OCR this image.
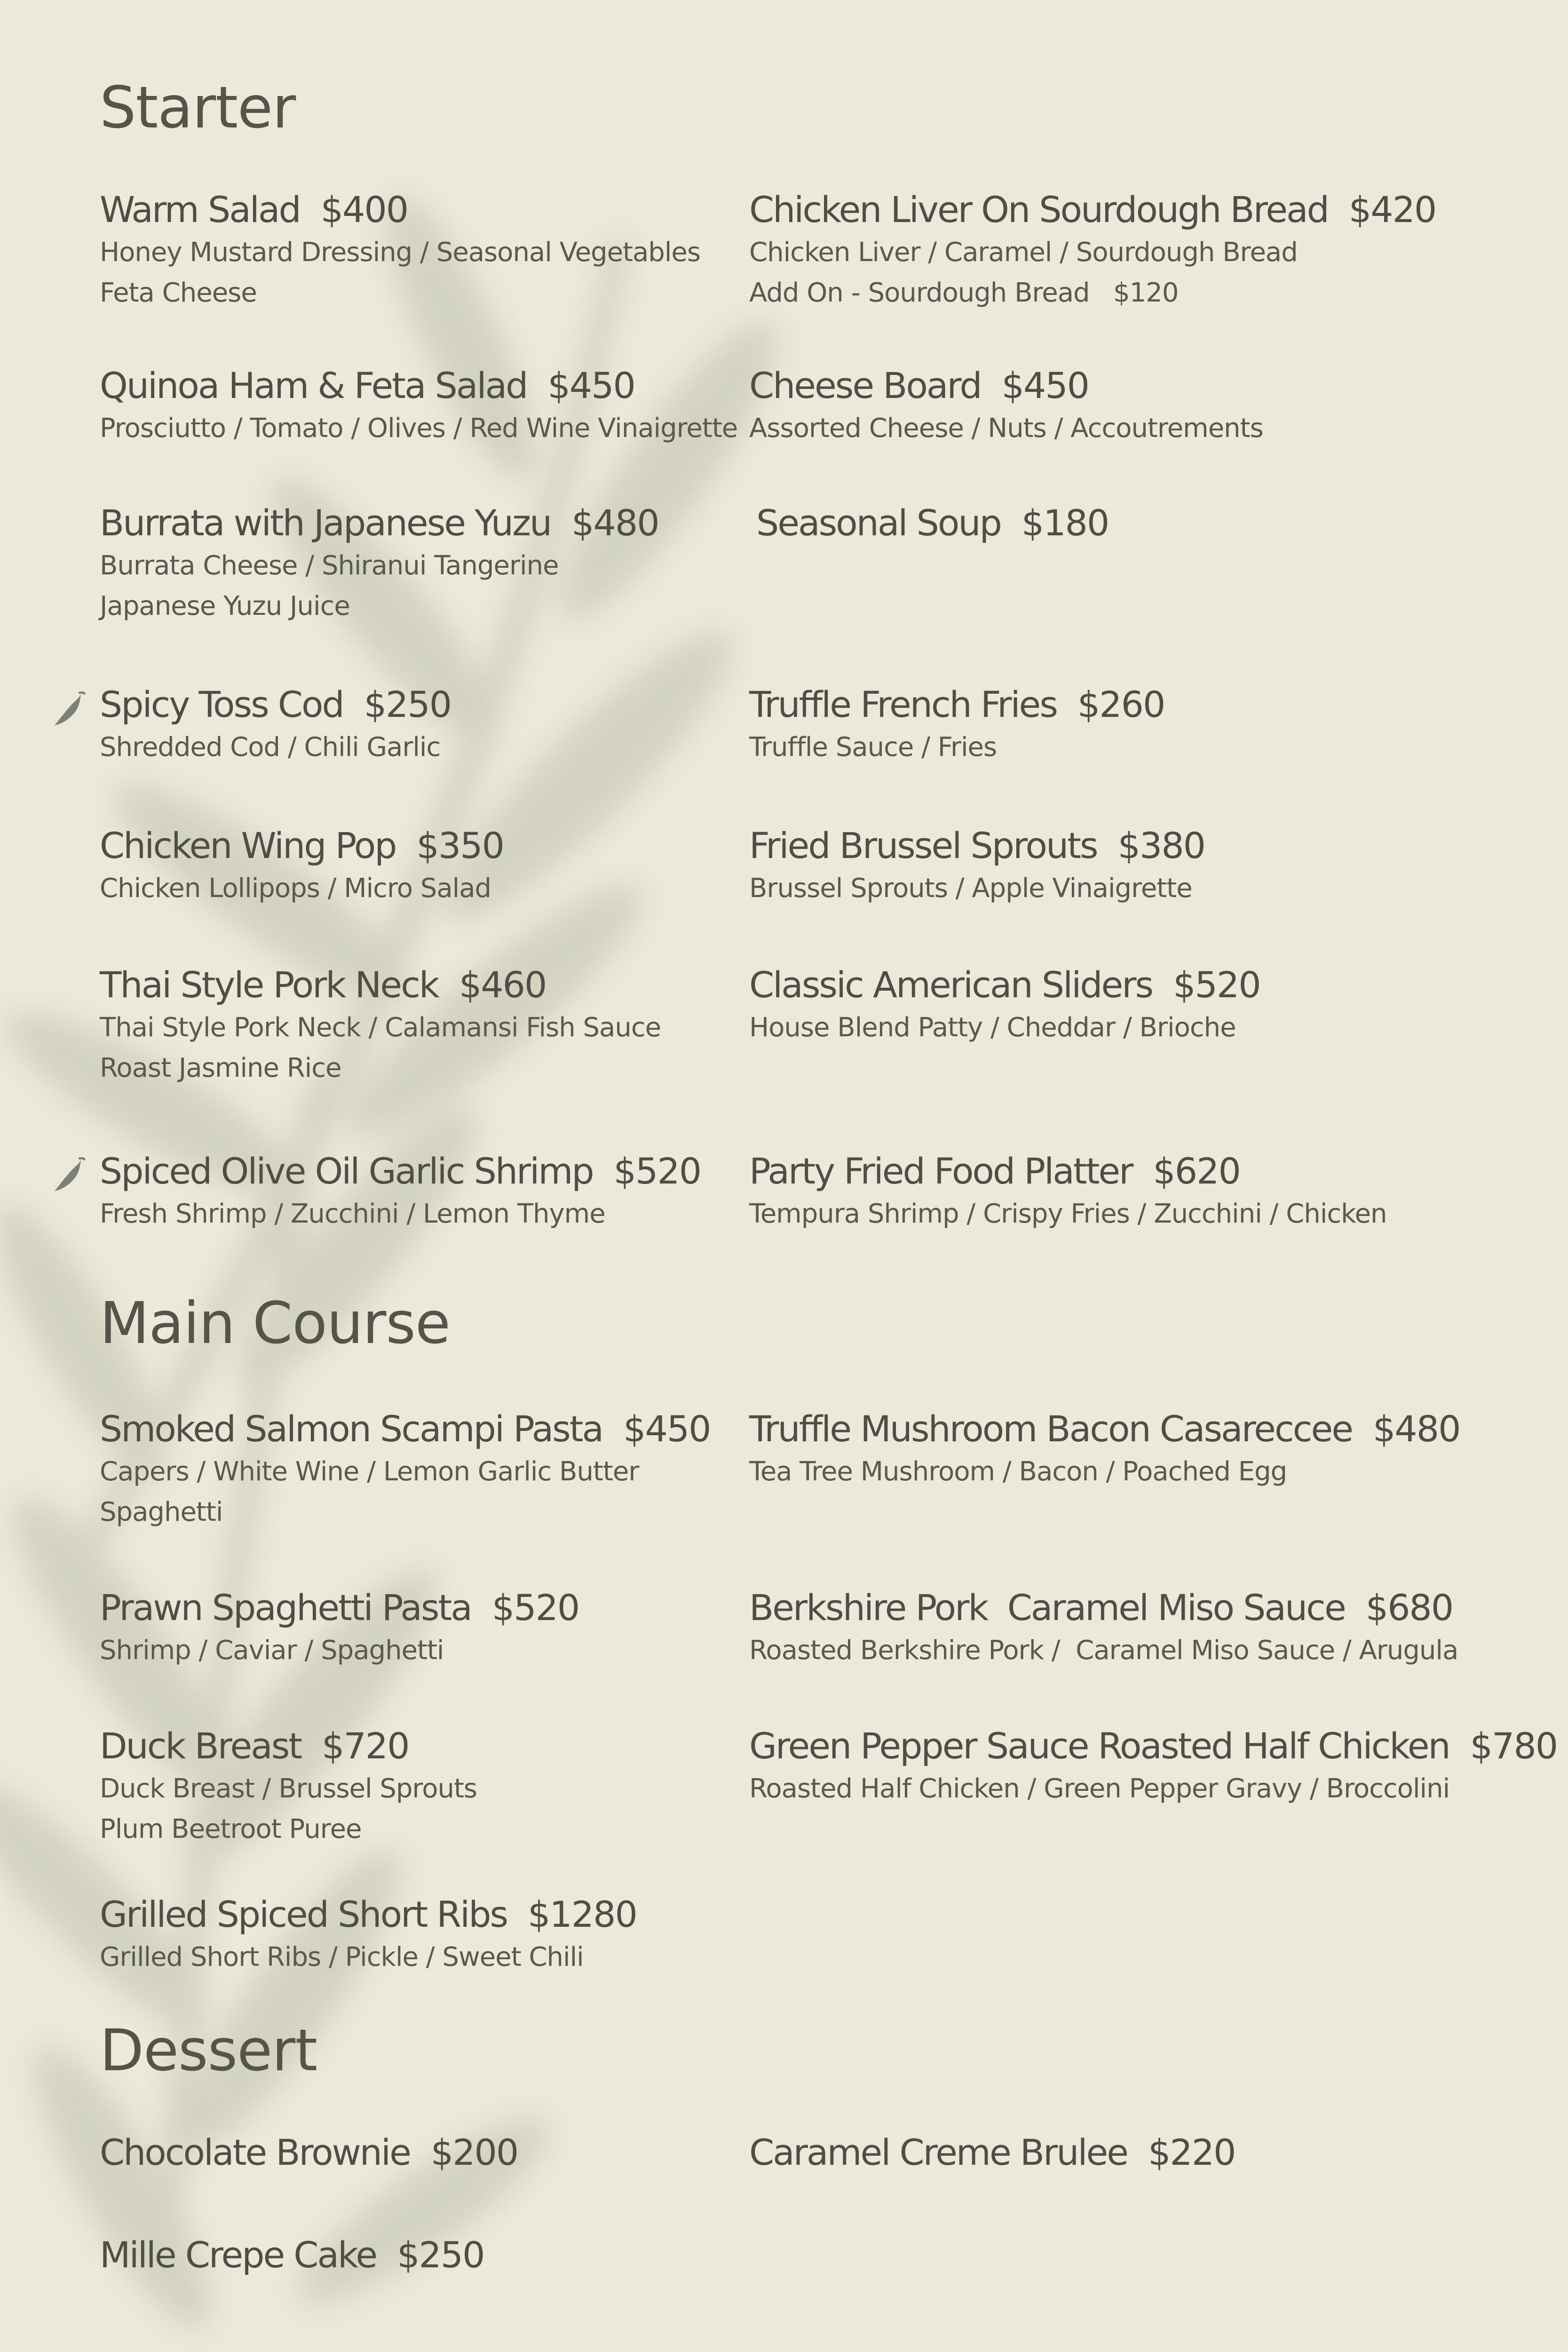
Starter
Warm Salad $400
Honey Mustard Dressing / Seasonal Vegetables
Feta Cheese
Chicken Liver On Sourdough Bread $420
Chicken Liver / Caramel / Sourdough Bread
Add On - Sourdough Bread   $120
Quinoa Ham & Feta Salad $450
Prosciutto / Tomato / Olives / Red Wine Vinaigrette
Cheese Board $450
Assorted Cheese / Nuts / Accoutrements
Burrata with Japanese Yuzu $480
Burrata Cheese / Shiranui Tangerine
Japanese Yuzu Juice
Seasonal Soup $180
Spicy Toss Cod $250
Shredded Cod / Chili Garlic
Truffle French Fries $260
Truffle Sauce / Fries
Chicken Wing Pop $350
Chicken Lollipops / Micro Salad
Fried Brussel Sprouts $380
Brussel Sprouts / Apple Vinaigrette
Thai Style Pork Neck $460
Thai Style Pork Neck / Calamansi Fish Sauce
Roast Jasmine Rice
Classic American Sliders $520
House Blend Patty / Cheddar / Brioche
Spiced Olive Oil Garlic Shrimp $520
Fresh Shrimp / Zucchini / Lemon Thyme
Party Fried Food Platter $620
Tempura Shrimp / Crispy Fries / Zucchini / Chicken
Main Course
Smoked Salmon Scampi Pasta $450
Capers / White Wine / Lemon Garlic Butter
Spaghetti
Truffle Mushroom Bacon Casareccee $480
Tea Tree Mushroom / Bacon / Poached Egg
Prawn Spaghetti Pasta $520
Shrimp / Caviar / Spaghetti
Berkshire Pork  Caramel Miso Sauce $680
Roasted Berkshire Pork /  Caramel Miso Sauce / Arugula
Duck Breast $720
Duck Breast / Brussel Sprouts
Plum Beetroot Puree
Green Pepper Sauce Roasted Half Chicken $780
Roasted Half Chicken / Green Pepper Gravy / Broccolini
Grilled Spiced Short Ribs $1280
Grilled Short Ribs / Pickle / Sweet Chili
Dessert
Chocolate Brownie $200	Caramel Creme Brulee $220
Mille Crepe Cake $250
